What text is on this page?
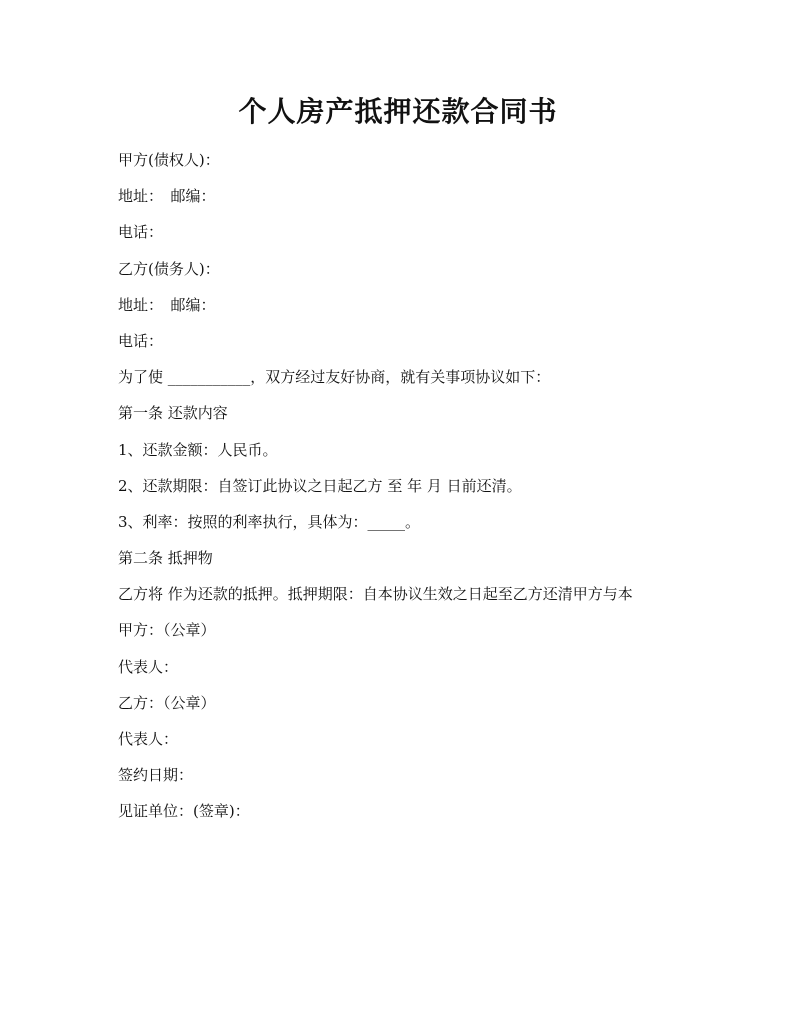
个人房产抵押还款合同书
甲方(债权人)：
地址：　邮编：
电话：
乙方(债务人)：
地址：　邮编：
电话：
为了使 ___________，双方经过友好协商，就有关事项协议如下：
第一条 还款内容
1、还款金额：人民币。
2、还款期限：自签订此协议之日起乙方 至 年 月 日前还清。
3、利率：按照的利率执行，具体为：_____。
第二条 抵押物
乙方将 作为还款的抵押。抵押期限：自本协议生效之日起至乙方还清甲方与本
甲方：（公章）
代表人：
乙方：（公章）
代表人：
签约日期：
见证单位：(签章)：
